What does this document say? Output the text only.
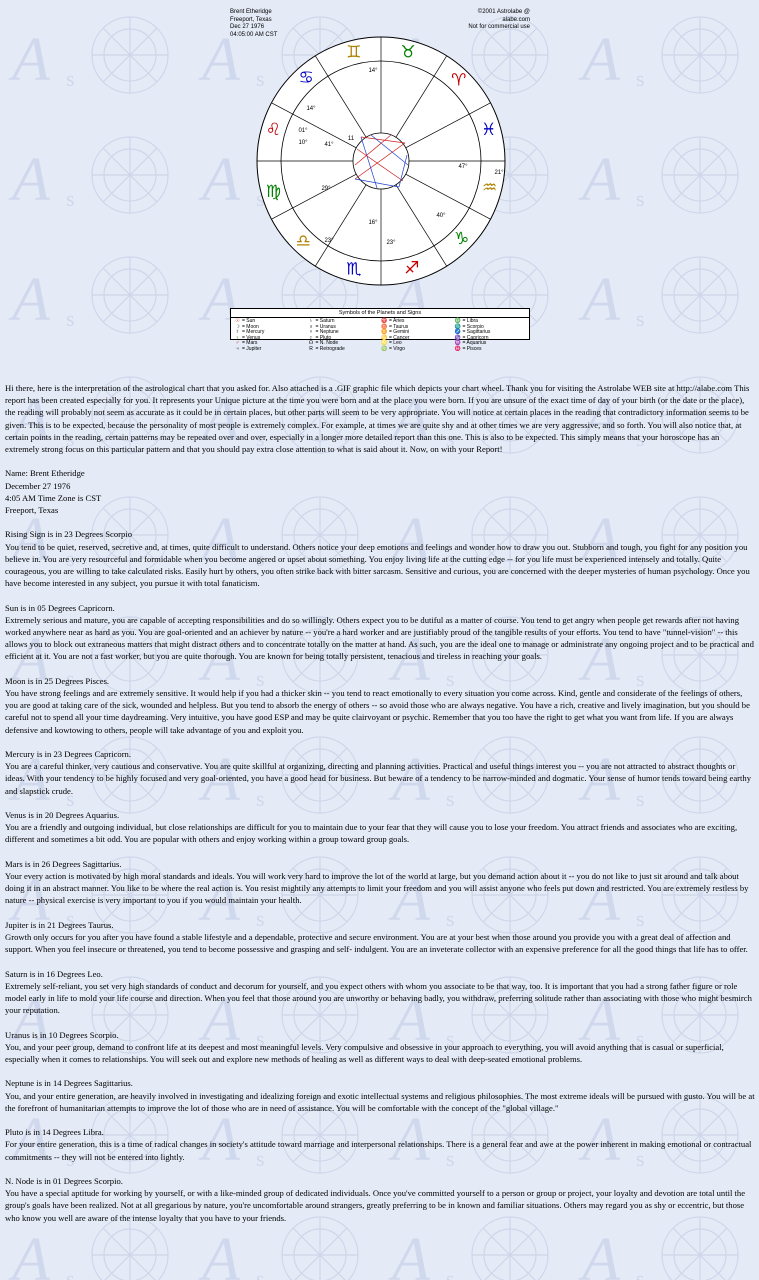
♌
♋
♊ ♉
♈
♓
♒
♑
♐
♏
♎
♍
14°
14°
01°
10°
29°
23°
16°
23°
40°
47°
21°
41°
11
Brent Etheridge
Freeport, Texas
Dec 27 1976
04:05:00 AM CST
©2001 Astrolabe @ alabe.com
Not for commercial use
Symbols of the Planets and Signs
☉ = Sun
☽ = Moon
☿ = Mercury
♀ = Venus
♂ = Mars
♃ = Jupiter
♄ = Saturn
♅ = Uranus
♆ = Neptune
♇ = Pluto
☊ = N. Node
R = Retrograde
♈= Aries
♉= Taurus
♊= Gemini
♋= Cancer
♌= Leo
♍= Virgo
♎= Libra
♏= Scorpio
♐= Sagittarius
♑= Capricorn
♒= Aquarius
♓= Pisces

Hi there, here is the interpretation of the astrological chart that you asked for. Also attached is a .GIF graphic file which depicts your chart wheel. Thank you for visiting the Astrolabe WEB site at http://alabe.com This report has been created especially for you. It represents your Unique picture at the time you were born and at the place you were born. If you are unsure of the exact time of day of your birth (or the date or the place), the reading will probably not seem as accurate as it could be in certain places, but other parts will seem to be very appropriate. You will notice at certain places in the reading that contradictory information seems to be given. This is to be expected, because the personality of most people is extremely complex. For example, at times we are quite shy and at other times we are very aggressive, and so forth. You will also notice that, at certain points in the reading, certain patterns may be repeated over and over, especially in a longer more detailed report than this one. This is also to be expected. This simply means that your horoscope has an extremely strong focus on this particular pattern and that you should pay extra close attention to what is said about it. Now, on with your Report!

Name: Brent Etheridge
December 27 1976
4:05 AM Time Zone is CST
Freeport, Texas

Rising Sign is in 23 Degrees Scorpio
You tend to be quiet, reserved, secretive and, at times, quite difficult to understand. Others notice your deep emotions and feelings and wonder how to draw you out. Stubborn and tough, you fight for any position you believe in. You are very resourceful and formidable when you become angered or upset about something. You enjoy living life at the cutting edge -- for you life must be experienced intensely and totally. Quite courageous, you are willing to take calculated risks. Easily hurt by others, you often strike back with bitter sarcasm. Sensitive and curious, you are concerned with the deeper mysteries of human psychology. Once you have become interested in any subject, you pursue it with total fanaticism.

Sun is in 05 Degrees Capricorn.
Extremely serious and mature, you are capable of accepting responsibilities and do so willingly. Others expect you to be dutiful as a matter of course. You tend to get angry when people get rewards after not having worked anywhere near as hard as you. You are goal-oriented and an achiever by nature -- you're a hard worker and are justifiably proud of the tangible results of your efforts. You tend to have "tunnel-vision" -- this allows you to block out extraneous matters that might distract others and to concentrate totally on the matter at hand. As such, you are the ideal one to manage or administrate any ongoing project and to be practical and efficient at it. You are not a fast worker, but you are quite thorough. You are known for being totally persistent, tenacious and tireless in reaching your goals.

Moon is in 25 Degrees Pisces.
You have strong feelings and are extremely sensitive. It would help if you had a thicker skin -- you tend to react emotionally to every situation you come across. Kind, gentle and considerate of the feelings of others, you are good at taking care of the sick, wounded and helpless. But you tend to absorb the energy of others -- so avoid those who are always negative. You have a rich, creative and lively imagination, but you should be careful not to spend all your time daydreaming. Very intuitive, you have good ESP and may be quite clairvoyant or psychic. Remember that you too have the right to get what you want from life. If you are always defensive and kowtowing to others, people will take advantage of you and exploit you.

Mercury is in 23 Degrees Capricorn.
You are a careful thinker, very cautious and conservative. You are quite skillful at organizing, directing and planning activities. Practical and useful things interest you -- you are not attracted to abstract thoughts or ideas. With your tendency to be highly focused and very goal-oriented, you have a good head for business. But beware of a tendency to be narrow-minded and dogmatic. Your sense of humor tends toward being earthy and slapstick crude.

Venus is in 20 Degrees Aquarius.
You are a friendly and outgoing individual, but close relationships are difficult for you to maintain due to your fear that they will cause you to lose your freedom. You attract friends and associates who are exciting, different and sometimes a bit odd. You are popular with others and enjoy working within a group toward group goals.

Mars is in 26 Degrees Sagittarius.
Your every action is motivated by high moral standards and ideals. You will work very hard to improve the lot of the world at large, but you demand action about it -- you do not like to just sit around and talk about doing it in an abstract manner. You like to be where the real action is. You resist mightily any attempts to limit your freedom and you will assist anyone who feels put down and restricted. You are extremely restless by nature -- physical exercise is very important to you if you would maintain your health.

Jupiter is in 21 Degrees Taurus.
Growth only occurs for you after you have found a stable lifestyle and a dependable, protective and secure environment. You are at your best when those around you provide you with a great deal of affection and support. When you feel insecure or threatened, you tend to become possessive and grasping and self- indulgent. You are an inveterate collector with an expensive preference for all the good things that life has to offer.

Saturn is in 16 Degrees Leo.
Extremely self-reliant, you set very high standards of conduct and decorum for yourself, and you expect others with whom you associate to be that way, too. It is important that you had a strong father figure or role model early in life to mold your life course and direction. When you feel that those around you are unworthy or behaving badly, you withdraw, preferring solitude rather than associating with those who might besmirch your reputation.

Uranus is in 10 Degrees Scorpio.
You, and your peer group, demand to confront life at its deepest and most meaningful levels. Very compulsive and obsessive in your approach to everything, you will avoid anything that is casual or superficial, especially when it comes to relationships. You will seek out and explore new methods of healing as well as different ways to deal with deep-seated emotional problems.

Neptune is in 14 Degrees Sagittarius.
You, and your entire generation, are heavily involved in investigating and idealizing foreign and exotic intellectual systems and religious philosophies. The most extreme ideals will be pursued with gusto. You will be at the forefront of humanitarian attempts to improve the lot of those who are in need of assistance. You will be comfortable with the concept of the "global village."

Pluto is in 14 Degrees Libra.
For your entire generation, this is a time of radical changes in society's attitude toward marriage and interpersonal relationships. There is a general fear and awe at the power inherent in making emotional or contractual commitments -- they will not be entered into lightly.

N. Node is in 01 Degrees Scorpio.
You have a special aptitude for working by yourself, or with a like-minded group of dedicated individuals. Once you've committed yourself to a person or group or project, your loyalty and devotion are total until the group's goals have been realized. Not at all gregarious by nature, you're uncomfortable around strangers, greatly preferring to be in known and familiar situations. Others may regard you as shy or eccentric, but those who know you well are aware of the intense loyalty that you have to your friends.
